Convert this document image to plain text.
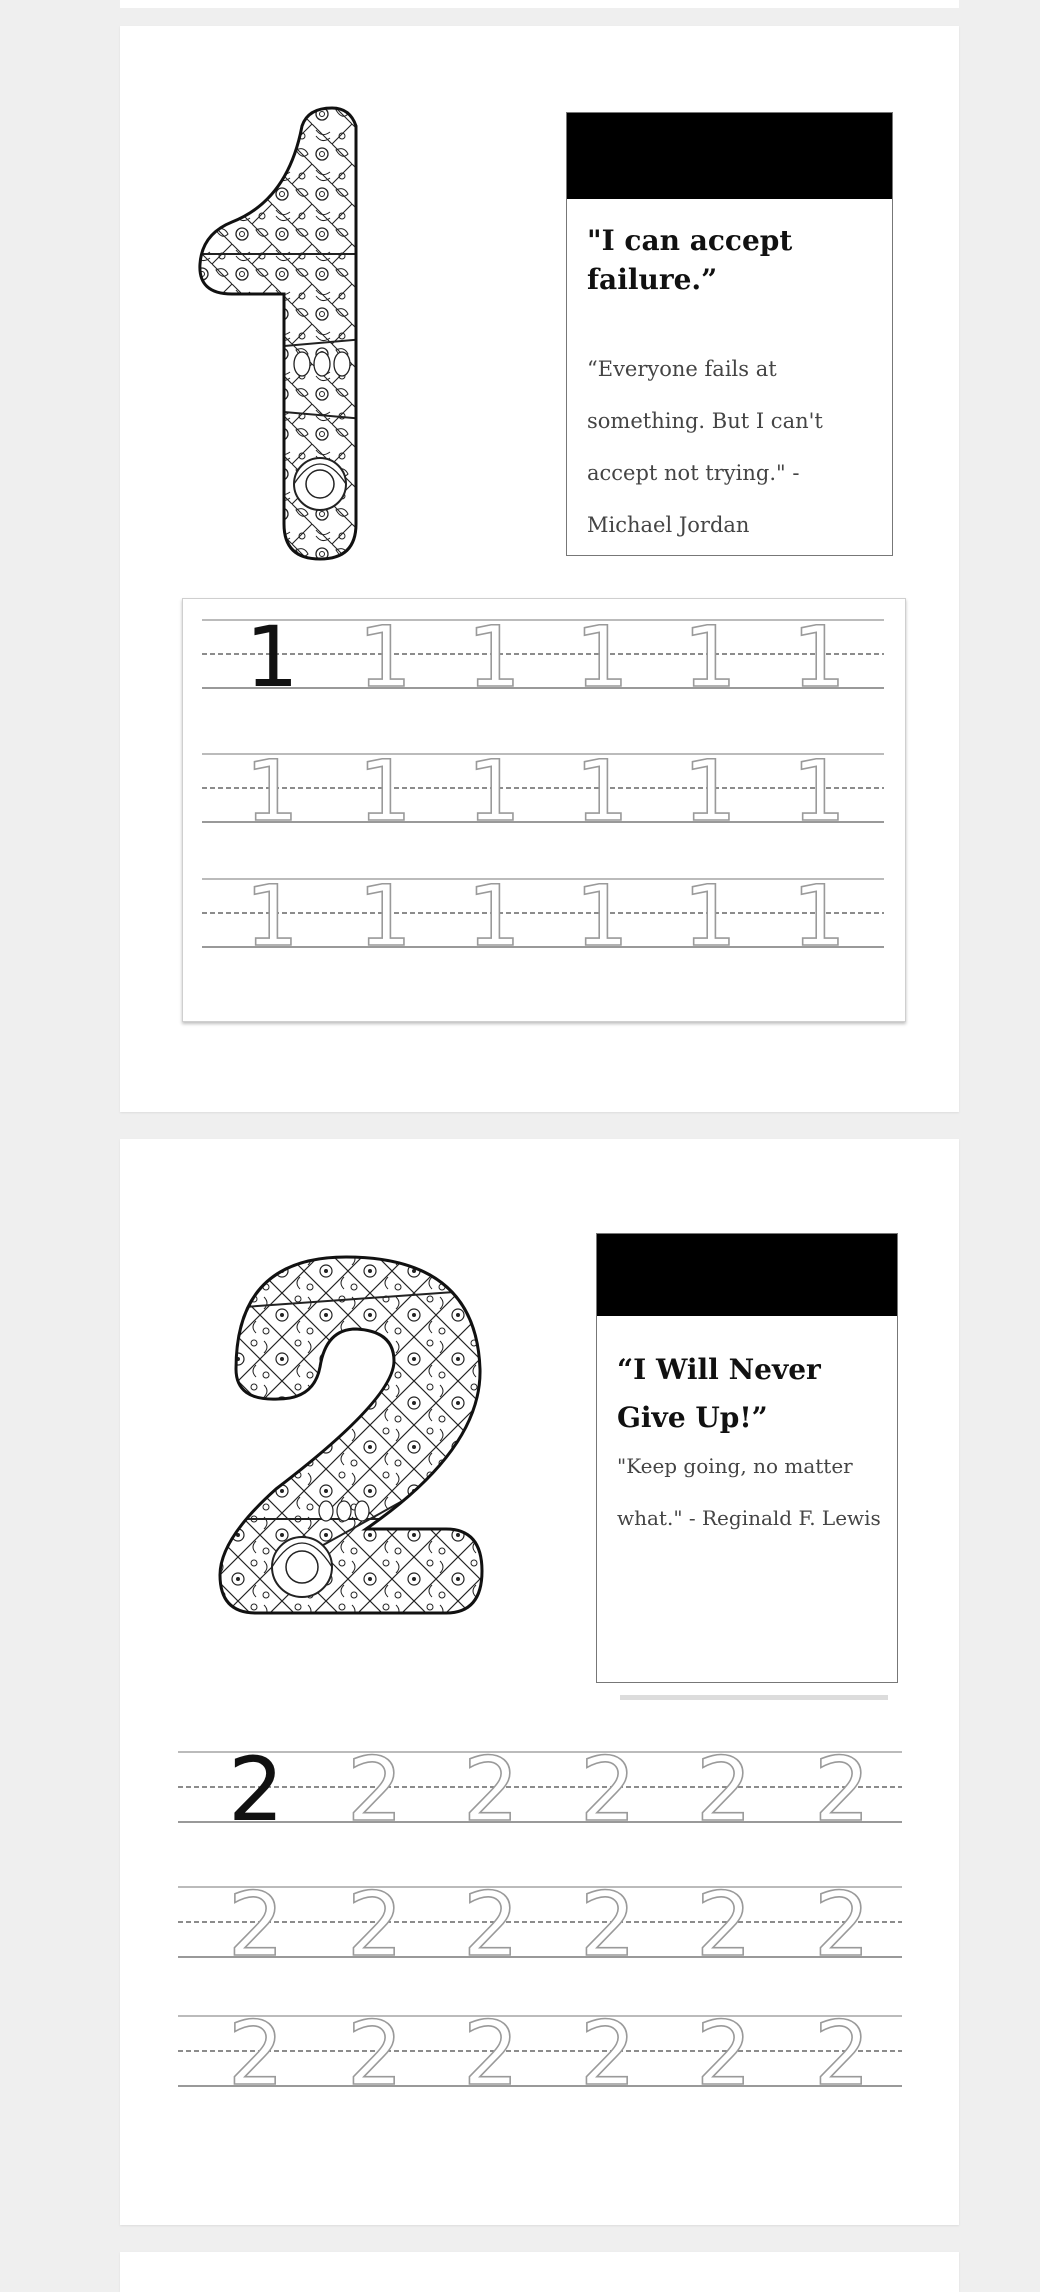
"I can accept failure.”

“Everyone fails at something. But I can't accept not trying." - Michael Jordan

1 1 1 1 1 1
1 1 1 1 1 1
1 1 1 1 1 1

“I Will Never Give Up!”

"Keep going, no matter what." - Reginald F. Lewis

2 2 2 2 2 2
2 2 2 2 2 2
2 2 2 2 2 2
